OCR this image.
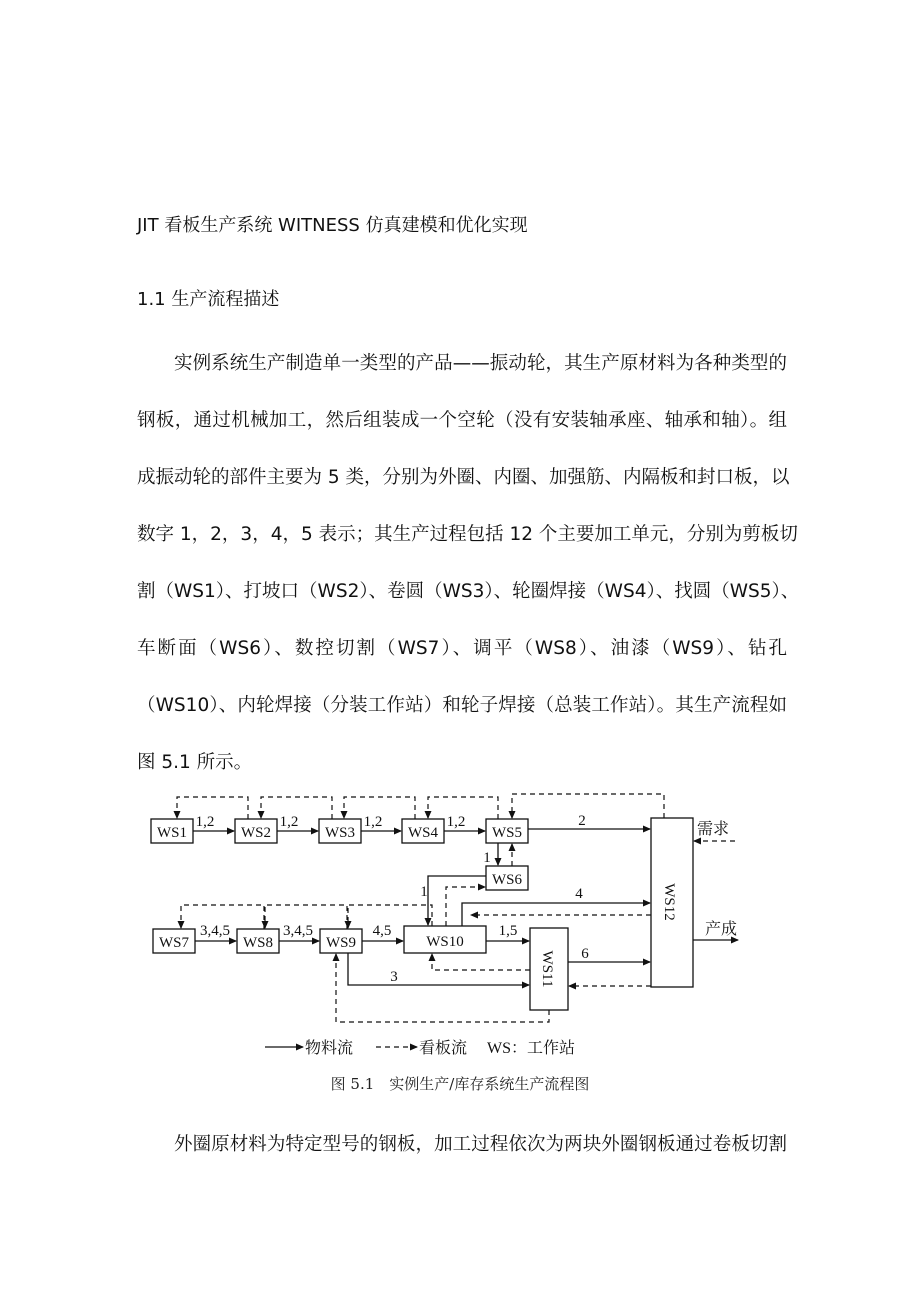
JIT 看板生产系统 WITNESS 仿真建模和优化实现
1.1 生产流程描述
实例系统生产制造单一类型的产品——振动轮，其生产原材料为各种类型的
钢板，通过机械加工，然后组装成一个空轮（没有安装轴承座、轴承和轴）。组
成振动轮的部件主要为 5 类，分别为外圈、内圈、加强筋、内隔板和封口板，以
数字 1，2，3，4，5 表示；其生产过程包括 12 个主要加工单元，分别为剪板切
割（WS1）、打坡口（WS2）、卷圆（WS3）、轮圈焊接（WS4）、找圆（WS5）、
车断面（WS6）、数控切割（WS7）、调平（WS8）、油漆（WS9）、钻孔
（WS10）、内轮焊接（分装工作站）和轮子焊接（总装工作站）。其生产流程如
图 5.1 所示。
WS1	WS2	WS3	WS4	WS5
WS6
WS7	WS8	WS9	WS10
WS11
WS12
1,2	1,2	1,2	1,2	2
1
1	4
3,4,5	3,4,5	4,5	1,5
6
3
需求
产成
物料流	看板流 WS：工作站
图 5.1　实例生产/库存系统生产流程图
外圈原材料为特定型号的钢板，加工过程依次为两块外圈钢板通过卷板切割
